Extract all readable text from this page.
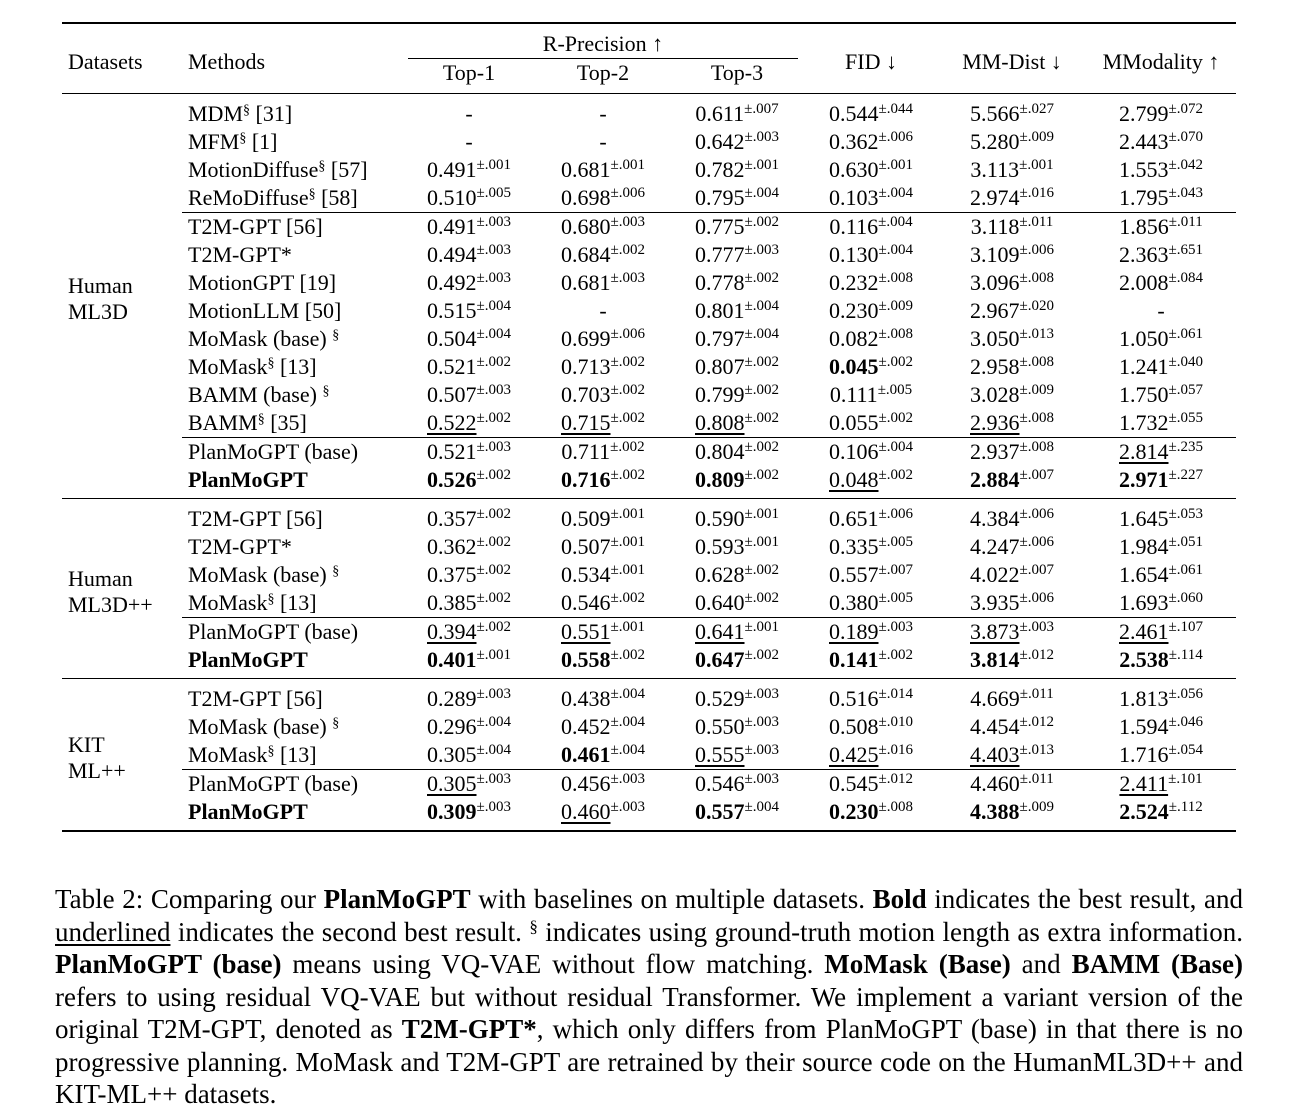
Datasets	Methods	R-Precision ↑			FID ↓	MM-Dist ↓	MModality ↑
		Top-1	Top-2	Top-3			

Human
ML3D	MDM§ [31]	-	-	$0.611^{\pm.007}$	$0.544^{\pm.044}$	$5.566^{\pm.027}$	$2.799^{\pm.072}$
	MFM§ [1]	-	-	$0.642^{\pm.003}$	$0.362^{\pm.006}$	$5.280^{\pm.009}$	$2.443^{\pm.070}$
	MotionDiffuse§ [57]	$0.491^{\pm.001}$	$0.681^{\pm.001}$	$0.782^{\pm.001}$	$0.630^{\pm.001}$	$3.113^{\pm.001}$	$1.553^{\pm.042}$
	ReMoDiffuse§ [58]	$0.510^{\pm.005}$	$0.698^{\pm.006}$	$0.795^{\pm.004}$	$0.103^{\pm.004}$	$2.974^{\pm.016}$	$1.795^{\pm.043}$
	T2M-GPT [56]	$0.491^{\pm.003}$	$0.680^{\pm.003}$	$0.775^{\pm.002}$	$0.116^{\pm.004}$	$3.118^{\pm.011}$	$1.856^{\pm.011}$
	T2M-GPT*	$0.494^{\pm.003}$	$0.684^{\pm.002}$	$0.777^{\pm.003}$	$0.130^{\pm.004}$	$3.109^{\pm.006}$	$2.363^{\pm.651}$
	MotionGPT [19]	$0.492^{\pm.003}$	$0.681^{\pm.003}$	$0.778^{\pm.002}$	$0.232^{\pm.008}$	$3.096^{\pm.008}$	$2.008^{\pm.084}$
	MotionLLM [50]	$0.515^{\pm.004}$	-	$0.801^{\pm.004}$	$0.230^{\pm.009}$	$2.967^{\pm.020}$	-
	MoMask (base) §	$0.504^{\pm.004}$	$0.699^{\pm.006}$	$0.797^{\pm.004}$	$0.082^{\pm.008}$	$3.050^{\pm.013}$	$1.050^{\pm.061}$
	MoMask§ [13]	$0.521^{\pm.002}$	$0.713^{\pm.002}$	$0.807^{\pm.002}$	$0.045^{\pm.002}$	$2.958^{\pm.008}$	$1.241^{\pm.040}$
	BAMM (base) §	$0.507^{\pm.003}$	$0.703^{\pm.002}$	$0.799^{\pm.002}$	$0.111^{\pm.005}$	$3.028^{\pm.009}$	$1.750^{\pm.057}$
	BAMM§ [35]	$0.522^{\pm.002}$	$0.715^{\pm.002}$	$0.808^{\pm.002}$	$0.055^{\pm.002}$	$2.936^{\pm.008}$	$1.732^{\pm.055}$
	PlanMoGPT (base)	$0.521^{\pm.003}$	$0.711^{\pm.002}$	$0.804^{\pm.002}$	$0.106^{\pm.004}$	$2.937^{\pm.008}$	$2.814^{\pm.235}$
	PlanMoGPT	$0.526^{\pm.002}$	$0.716^{\pm.002}$	$0.809^{\pm.002}$	$0.048^{\pm.002}$	$2.884^{\pm.007}$	$2.971^{\pm.227}$

Human
ML3D++	T2M-GPT [56]	$0.357^{\pm.002}$	$0.509^{\pm.001}$	$0.590^{\pm.001}$	$0.651^{\pm.006}$	$4.384^{\pm.006}$	$1.645^{\pm.053}$
	T2M-GPT*	$0.362^{\pm.002}$	$0.507^{\pm.001}$	$0.593^{\pm.001}$	$0.335^{\pm.005}$	$4.247^{\pm.006}$	$1.984^{\pm.051}$
	MoMask (base) §	$0.375^{\pm.002}$	$0.534^{\pm.001}$	$0.628^{\pm.002}$	$0.557^{\pm.007}$	$4.022^{\pm.007}$	$1.654^{\pm.061}$
	MoMask§ [13]	$0.385^{\pm.002}$	$0.546^{\pm.002}$	$0.640^{\pm.002}$	$0.380^{\pm.005}$	$3.935^{\pm.006}$	$1.693^{\pm.060}$
	PlanMoGPT (base)	$0.394^{\pm.002}$	$0.551^{\pm.001}$	$0.641^{\pm.001}$	$0.189^{\pm.003}$	$3.873^{\pm.003}$	$2.461^{\pm.107}$
	PlanMoGPT	$0.401^{\pm.001}$	$0.558^{\pm.002}$	$0.647^{\pm.002}$	$0.141^{\pm.002}$	$3.814^{\pm.012}$	$2.538^{\pm.114}$

KIT
ML++	T2M-GPT [56]	$0.289^{\pm.003}$	$0.438^{\pm.004}$	$0.529^{\pm.003}$	$0.516^{\pm.014}$	$4.669^{\pm.011}$	$1.813^{\pm.056}$
	MoMask (base) §	$0.296^{\pm.004}$	$0.452^{\pm.004}$	$0.550^{\pm.003}$	$0.508^{\pm.010}$	$4.454^{\pm.012}$	$1.594^{\pm.046}$
	MoMask§ [13]	$0.305^{\pm.004}$	$0.461^{\pm.004}$	$0.555^{\pm.003}$	$0.425^{\pm.016}$	$4.403^{\pm.013}$	$1.716^{\pm.054}$
	PlanMoGPT (base)	$0.305^{\pm.003}$	$0.456^{\pm.003}$	$0.546^{\pm.003}$	$0.545^{\pm.012}$	$4.460^{\pm.011}$	$2.411^{\pm.101}$
	PlanMoGPT	$0.309^{\pm.003}$	$0.460^{\pm.003}$	$0.557^{\pm.004}$	$0.230^{\pm.008}$	$4.388^{\pm.009}$	$2.524^{\pm.112}$

Table 2: Comparing our PlanMoGPT with baselines on multiple datasets. Bold indicates the best result, and underlined indicates the second best result. § indicates using ground-truth motion length as extra information. PlanMoGPT (base) means using VQ-VAE without flow matching. MoMask (Base) and BAMM (Base) refers to using residual VQ-VAE but without residual Transformer. We implement a variant version of the original T2M-GPT, denoted as T2M-GPT*, which only differs from PlanMoGPT (base) in that there is no progressive planning. MoMask and T2M-GPT are retrained by their source code on the HumanML3D++ and KIT-ML++ datasets.
